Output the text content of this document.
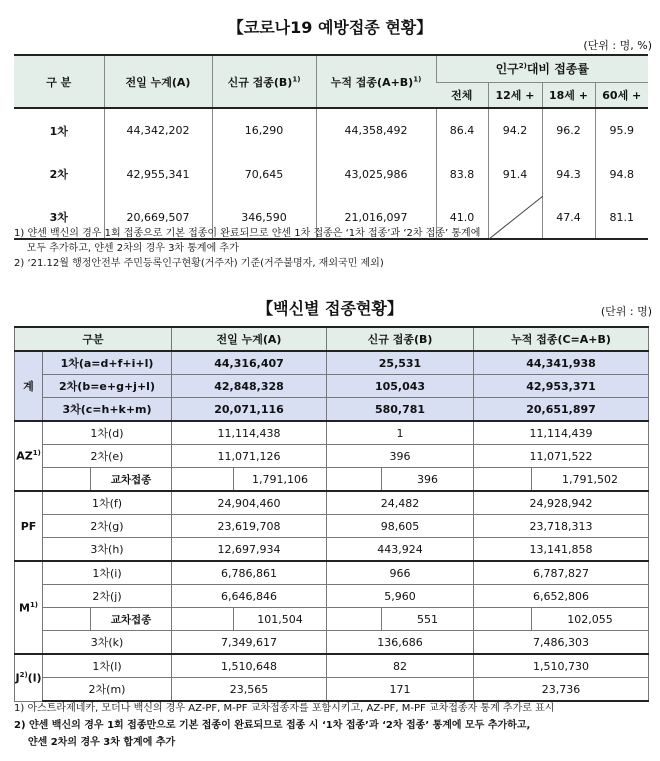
【코로나19 예방접종 현황】
(단위 : 명, %)
구 분	전일 누계(A)	신규 접종$(B)^{1)}$	누적 접종$(A+B)^{1)}$	인구$^{2)}$대비 접종률			
				전체	12세 +	18세 +	60세 +
1차	44,342,202	16,290	44,358,492	86.4	94.2	96.2	95.9
2차	42,955,341	70,645	43,025,986	83.8	91.4	94.3	94.8
3차	20,669,507	346,590	21,016,097	41.0		47.4	81.1
1) 얀센 백신의 경우 1회 접종으로 기본 접종이 완료되므로 얀센 1차 접종은 ‘1차 접종’과 ‘2차 접종’ 통계에
모두 추가하고, 얀센 2차의 경우 3차 통계에 추가
2) ‘21.12월 행정안전부 주민등록인구현황(거주자) 기준(거주불명자, 재외국민 제외)
【백신별 접종현황】	(단위 : 명)
구분			전일 누계(A)		신규 접종(B)		누적 접종(C=A+B)	
계	1차(a=d+f+i+l)		44,316,407		25,531		44,341,938	
	2차(b=e+g+j+l)		42,848,328		105,043		42,953,371	
	3차(c=h+k+m)		20,071,116		580,781		20,651,897	
AZ$^{1)}$	1차(d)		11,114,438		1		11,114,439	
	2차(e)		11,071,126		396		11,071,522	
		교차접종		1,791,106		396		1,791,502
PF	1차(f)		24,904,460		24,482		24,928,942	
	2차(g)		23,619,708		98,605		23,718,313	
	3차(h)		12,697,934		443,924		13,141,858	
$M^{1)}$	1차(i)		6,786,861		966		6,787,827	
	2차(j)		6,646,846		5,960		6,652,806	
		교차접종		101,504		551		102,055
	3차(k)		7,349,617		136,686		7,486,303	
$J^{2)}(l)$	1차(l)		1,510,648		82		1,510,730	
	2차(m)		23,565		171		23,736	
1) 아스트라제네카, 모더나 백신의 경우 AZ-PF, M-PF 교차접종자를 포함시키고, AZ-PF, M-PF 교차접종자 통계 추가로 표시
2) 얀센 백신의 경우 1회 접종만으로 기본 접종이 완료되므로 접종 시 ‘1차 접종’과 ‘2차 접종’ 통계에 모두 추가하고,
얀센 2차의 경우 3차 합계에 추가
